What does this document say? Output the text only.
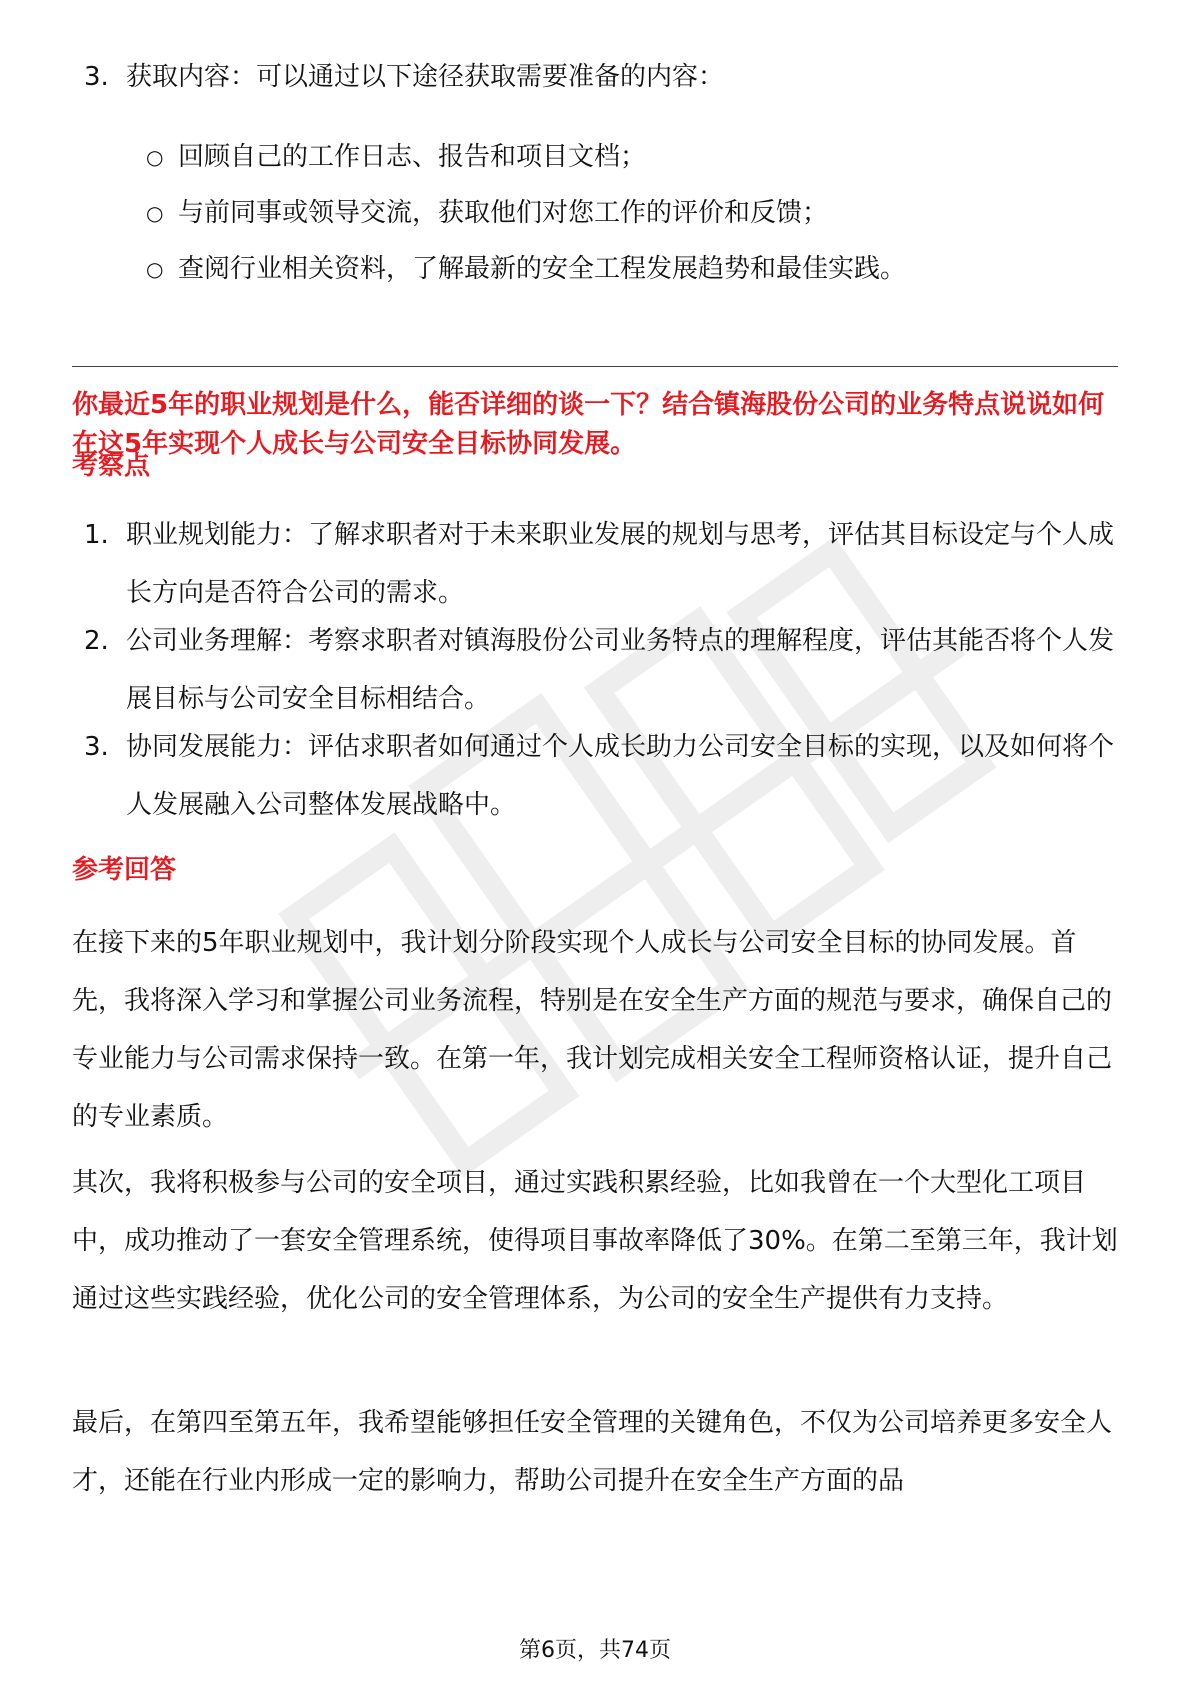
3. 获取内容：可以通过以下途径获取需要准备的内容：
○ 回顾自己的工作日志、报告和项目文档；
○ 与前同事或领导交流，获取他们对您工作的评价和反馈；
○ 查阅行业相关资料，了解最新的安全工程发展趋势和最佳实践。
你最近5年的职业规划是什么，能否详细的谈一下？结合镇海股份公司的业务特点说说如何在这5年实现个人成长与公司安全目标协同发展。
考察点
1. 职业规划能力：了解求职者对于未来职业发展的规划与思考，评估其目标设定与个人成长方向是否符合公司的需求。
2. 公司业务理解：考察求职者对镇海股份公司业务特点的理解程度，评估其能否将个人发展目标与公司安全目标相结合。
3. 协同发展能力：评估求职者如何通过个人成长助力公司安全目标的实现，以及如何将个人发展融入公司整体发展战略中。
参考回答
在接下来的5年职业规划中，我计划分阶段实现个人成长与公司安全目标的协同发展。首先，我将深入学习和掌握公司业务流程，特别是在安全生产方面的规范与要求，确保自己的专业能力与公司需求保持一致。在第一年，我计划完成相关安全工程师资格认证，提升自己的专业素质。
其次，我将积极参与公司的安全项目，通过实践积累经验，比如我曾在一个大型化工项目中，成功推动了一套安全管理系统，使得项目事故率降低了30%。在第二至第三年，我计划通过这些实践经验，优化公司的安全管理体系，为公司的安全生产提供有力支持。
最后，在第四至第五年，我希望能够担任安全管理的关键角色，不仅为公司培养更多安全人才，还能在行业内形成一定的影响力，帮助公司提升在安全生产方面的品
第6页，共74页
